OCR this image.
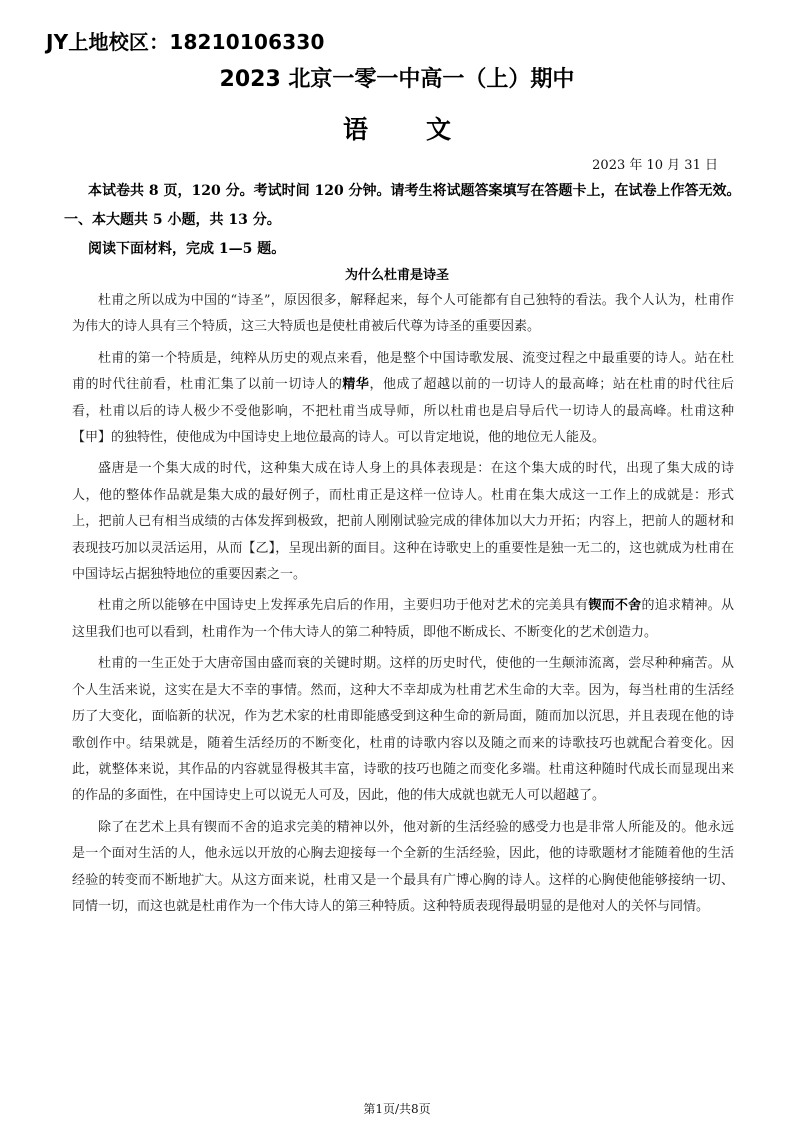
JY上地校区：18210106330
2023 北京一零一中高一（上）期中
语文
2023 年 10 月 31 日
本试卷共 8 页，120 分。考试时间 120 分钟。请考生将试题答案填写在答题卡上，在试卷上作答无效。
一、本大题共 5 小题，共 13 分。
阅读下面材料，完成 1—5 题。
为什么杜甫是诗圣

杜甫之所以成为中国的“诗圣”，原因很多，解释起来，每个人可能都有自己独特的看法。我个人认为，杜甫作为伟大的诗人具有三个特质，这三大特质也是使杜甫被后代尊为诗圣的重要因素。

杜甫的第一个特质是，纯粹从历史的观点来看，他是整个中国诗歌发展、流变过程之中最重要的诗人。站在杜甫的时代往前看，杜甫汇集了以前一切诗人的精华，他成了超越以前的一切诗人的最高峰；站在杜甫的时代往后看，杜甫以后的诗人极少不受他影响，不把杜甫当成导师，所以杜甫也是启导后代一切诗人的最高峰。杜甫这种【甲】的独特性，使他成为中国诗史上地位最高的诗人。可以肯定地说，他的地位无人能及。

盛唐是一个集大成的时代，这种集大成在诗人身上的具体表现是：在这个集大成的时代，出现了集大成的诗人，他的整体作品就是集大成的最好例子，而杜甫正是这样一位诗人。杜甫在集大成这一工作上的成就是：形式上，把前人已有相当成绩的古体发挥到极致，把前人刚刚试验完成的律体加以大力开拓；内容上，把前人的题材和表现技巧加以灵活运用，从而【乙】，呈现出新的面目。这种在诗歌史上的重要性是独一无二的，这也就成为杜甫在中国诗坛占据独特地位的重要因素之一。

杜甫之所以能够在中国诗史上发挥承先启后的作用，主要归功于他对艺术的完美具有锲而不舍的追求精神。从这里我们也可以看到，杜甫作为一个伟大诗人的第二种特质，即他不断成长、不断变化的艺术创造力。

杜甫的一生正处于大唐帝国由盛而衰的关键时期。这样的历史时代，使他的一生颠沛流离，尝尽种种痛苦。从个人生活来说，这实在是大不幸的事情。然而，这种大不幸却成为杜甫艺术生命的大幸。因为，每当杜甫的生活经历了大变化，面临新的状况，作为艺术家的杜甫即能感受到这种生命的新局面，随而加以沉思，并且表现在他的诗歌创作中。结果就是，随着生活经历的不断变化，杜甫的诗歌内容以及随之而来的诗歌技巧也就配合着变化。因此，就整体来说，其作品的内容就显得极其丰富，诗歌的技巧也随之而变化多端。杜甫这种随时代成长而显现出来的作品的多面性，在中国诗史上可以说无人可及，因此，他的伟大成就也就无人可以超越了。

除了在艺术上具有锲而不舍的追求完美的精神以外，他对新的生活经验的感受力也是非常人所能及的。他永远是一个面对生活的人，他永远以开放的心胸去迎接每一个全新的生活经验，因此，他的诗歌题材才能随着他的生活经验的转变而不断地扩大。从这方面来说，杜甫又是一个最具有广博心胸的诗人。这样的心胸使他能够接纳一切、同情一切，而这也就是杜甫作为一个伟大诗人的第三种特质。这种特质表现得最明显的是他对人的关怀与同情。

第1页/共8页
